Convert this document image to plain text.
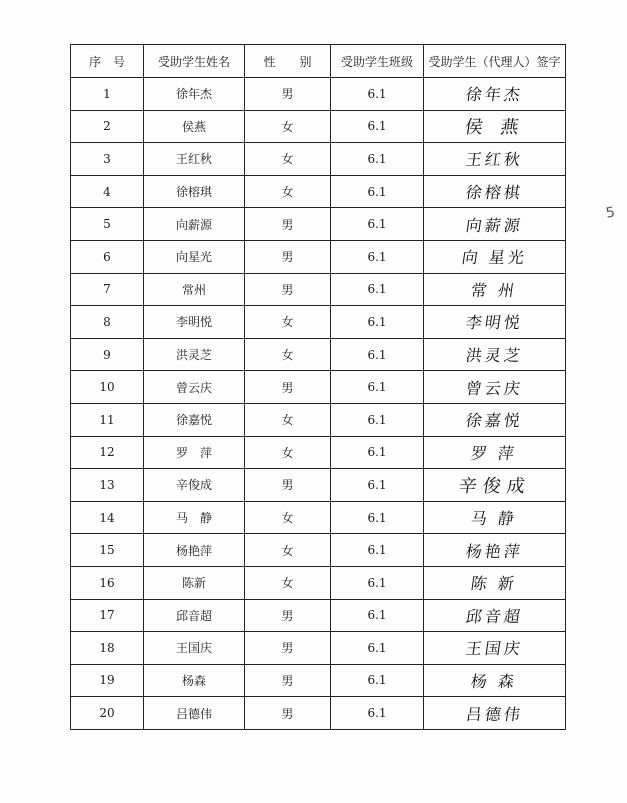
序　号	受助学生姓名	性　　别	受助学生班级	受助学生（代理人）签字
1	徐年杰	男	6.1	徐年杰
2	侯燕	女	6.1	侯 燕
3	王红秋	女	6.1	王红秋
4	徐榕琪	女	6.1	徐榕棋
5	向薪源	男	6.1	向薪源
6	向星光	男	6.1	向 星光
7	常州	男	6.1	常 州
8	李明悦	女	6.1	李明悦
9	洪灵芝	女	6.1	洪灵芝
10	曾云庆	男	6.1	曾云庆
11	徐嘉悦	女	6.1	徐嘉悦
12	罗　萍	女	6.1	罗 萍
13	辛俊成	男	6.1	辛俊成
14	马　静	女	6.1	马 静
15	杨艳萍	女	6.1	杨艳萍
16	陈新	女	6.1	陈 新
17	邱音超	男	6.1	邱音超
18	王国庆	男	6.1	王国庆
19	杨森	男	6.1	杨 森
20	吕德伟	男	6.1	吕德伟
5
